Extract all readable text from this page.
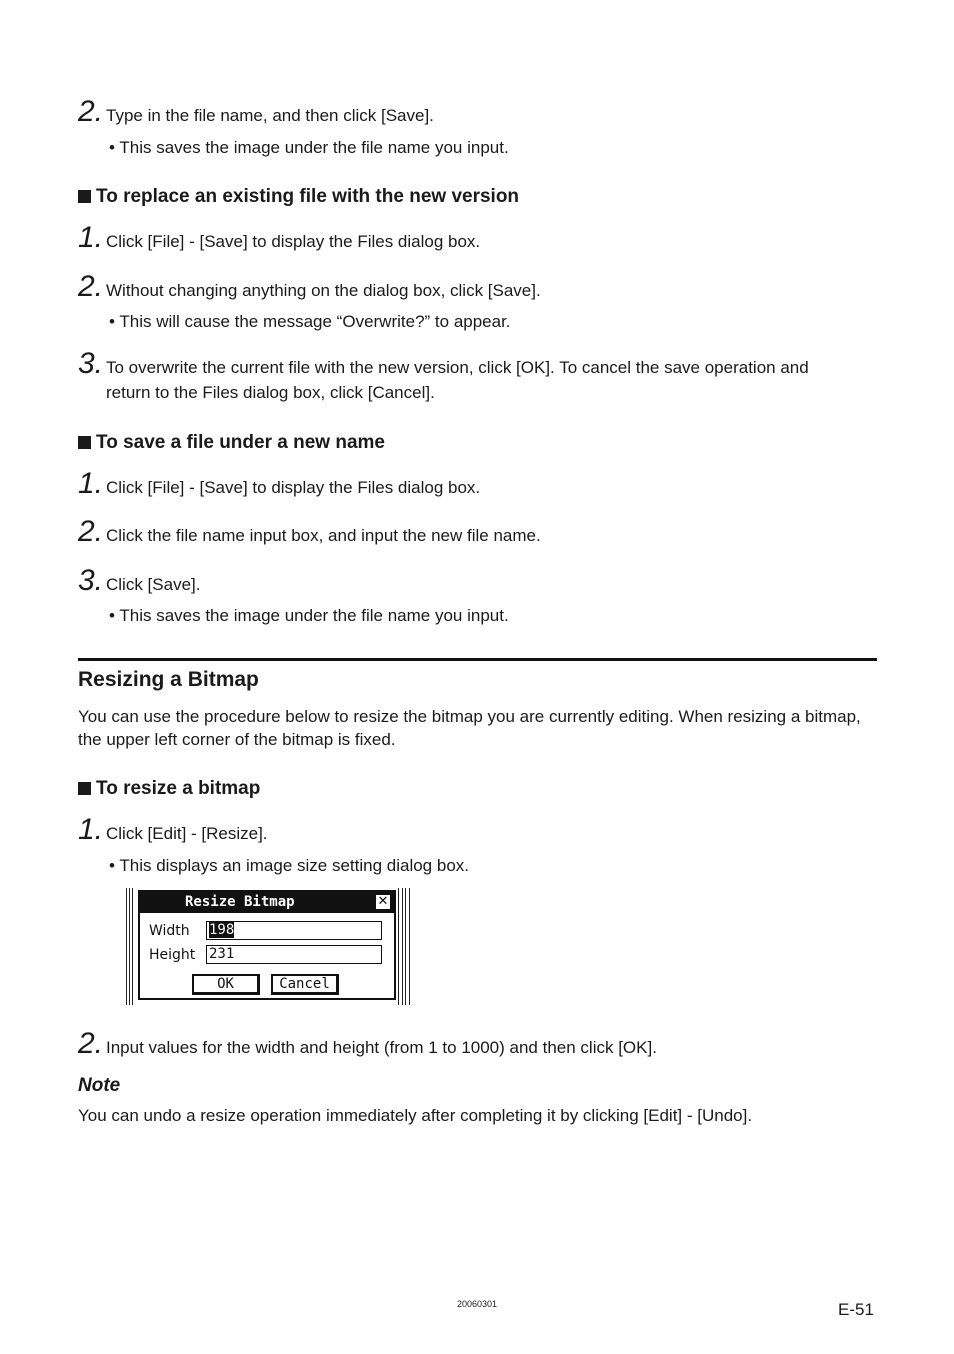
2. Type in the file name, and then click [Save].
• This saves the image under the file name you input.
To replace an existing file with the new version
1. Click [File] - [Save] to display the Files dialog box.
2. Without changing anything on the dialog box, click [Save].
• This will cause the message “Overwrite?” to appear.
3. To overwrite the current file with the new version, click [OK]. To cancel the save operation and
return to the Files dialog box, click [Cancel].
To save a file under a new name
1. Click [File] - [Save] to display the Files dialog box.
2. Click the file name input box, and input the new file name.
3. Click [Save].
• This saves the image under the file name you input.
Resizing a Bitmap
You can use the procedure below to resize the bitmap you are currently editing. When resizing a bitmap, the upper left corner of the bitmap is fixed.
To resize a bitmap
1. Click [Edit] - [Resize].
• This displays an image size setting dialog box.
Resize Bitmap	✕
Width 198
Height 231
OK	Cancel
2. Input values for the width and height (from 1 to 1000) and then click [OK].
Note
You can undo a resize operation immediately after completing it by clicking [Edit] - [Undo].
20060301	E-51
